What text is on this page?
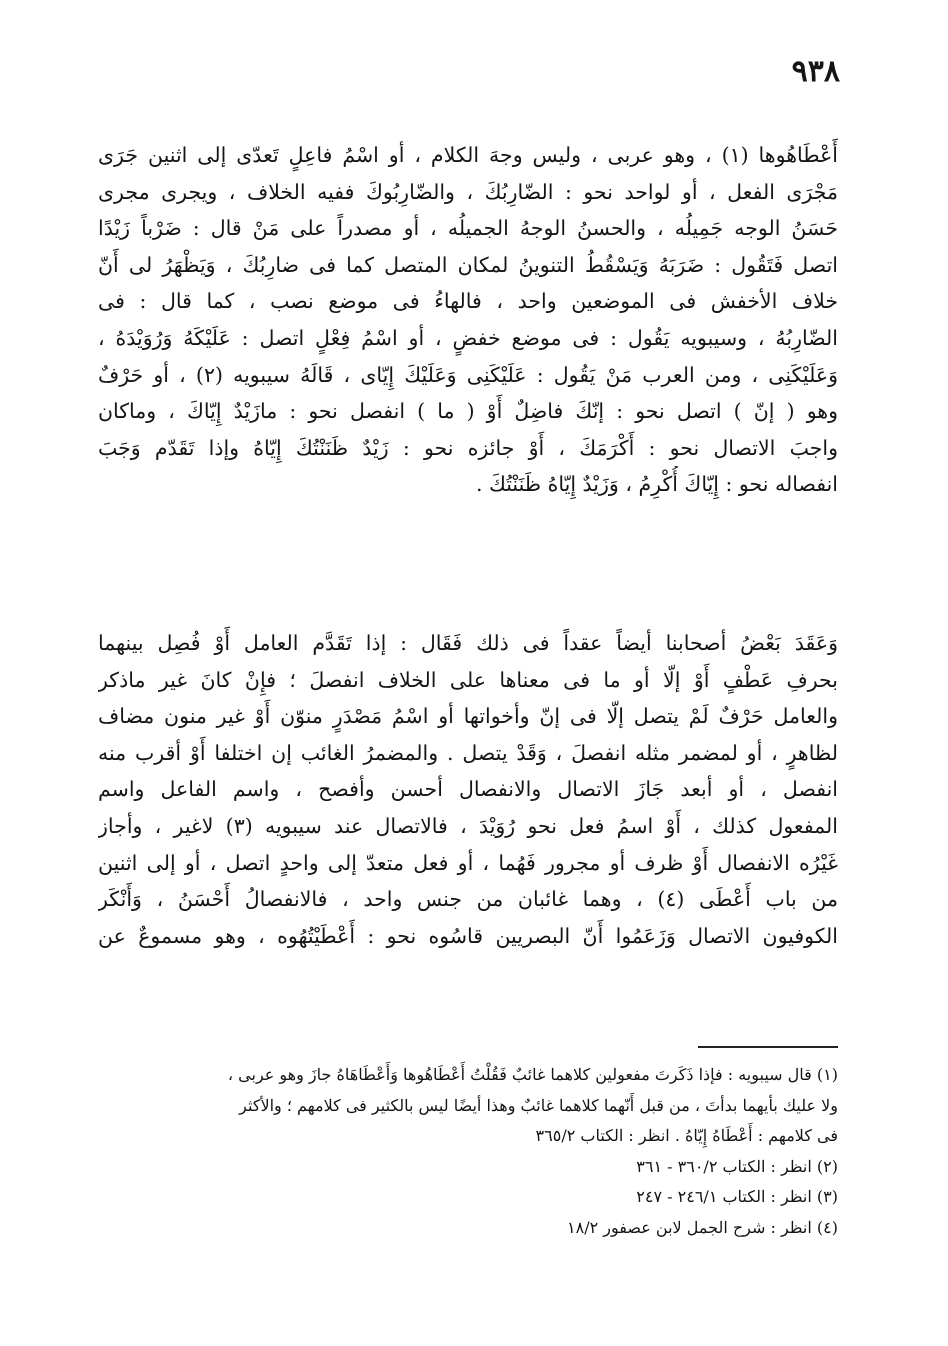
٩٣٨

أَعْطَاهُوها (١) ، وهو عربى ، وليس وجهَ الكلام ، أو اسْمُ فاعِلٍ تَعدّى إلى اثنين جَرَى
مَجْرَى الفعل ، أو لواحد نحو : الضّارِبُكَ ، والضّارِبُوكَ ففيه الخلاف ، ويجرى مجرى
حَسَنُ الوجه جَمِيلُه ، والحسنُ الوجهُ الجميلُه ، أو مصدراً على مَنْ قال : ضَرْباً زَيْدًا
اتصل فَتَقُول : ضَرَبَهُ وَيَسْقُطُ التنوينُ لمكان المتصل كما فى ضارِبُكَ ، وَيَظْهَرُ لى أَنّ
خلاف الأخفش فى الموضعين واحد ، فالهاءُ فى موضع نصب ، كما قال : فى
الضّارِبُهُ ، وسيبويه يَقُول : فى موضع خفضٍ ، أو اسْمُ فِعْلٍ اتصل : عَلَيْكَهُ وَرُوَيْدَهُ ،
وَعَلَيْكَنِى ، ومن العرب مَنْ يَقُول : عَلَيْكَنِى وَعَلَيْكَ إِيّاى ، قَالَهُ سيبويه (٢) ، أو حَرْفٌ
وهو ( إنّ ) اتصل نحو : إنّكَ فاضِلٌ أَوْ ( ما ) انفصل نحو : مازَيْدٌ إِيّاكَ ، وماكان
واجبَ الاتصال نحو : أَكْرَمَكَ ، أَوْ جائزه نحو : زَيْدٌ ظَنَنْتُكَ إِيّاهُ وإذا تَقَدّم وَجَبَ
انفصاله نحو : إِيّاكَ أُكْرِمُ ، وَزَيْدٌ إِيّاهُ ظَنَنْتُكَ .

وَعَقَدَ بَعْضُ أصحابنا أيضاً عقداً فى ذلك فَقَال : إذا تَقَدَّم العامل أَوْ فُصِل بينهما
بحرفِ عَطْفٍ أَوْ إلّا أو ما فى معناها على الخلاف انفصلَ ؛ فإِنْ كانَ غير ماذكر
والعامل حَرْفٌ لَمْ يتصل إلّا فى إنّ وأخواتها أو اسْمُ مَصْدَرٍ منوّن أَوْ غير منون مضاف
لظاهرٍ ، أو لمضمر مثله انفصلَ ، وَقَدْ يتصل . والمضمرُ الغائب إن اختلفا أَوْ أقرب منه
انفصل ، أو أبعد جَازَ الاتصال والانفصال أحسن وأفصح ، واسم الفاعل واسم
المفعول كذلك ، أَوْ اسمُ فعل نحو رُوَيْدَ ، فالاتصال عند سيبويه (٣) لاغير ، وأجاز
غَيْرُه الانفصال أَوْ ظرف أو مجرور فَهُما ، أو فعل متعدّ إلى واحدٍ اتصل ، أو إلى اثنين
من باب أَعْطَى (٤) ، وهما غائبان من جنس واحد ، فالانفصالُ أَحْسَنُ ، وَأَنْكَر
الكوفيون الاتصال وَزَعَمُوا أَنّ البصريين قاسُوه نحو : أَعْطَيْتُهُوه ، وهو مسموعٌ عن

(١) قال سيبويه : فإذا ذَكَرتَ مفعولين كلاهما غائبٌ فَقُلْتُ أَعْطَاهُوها وَأَعْطَاهَاهُ جازَ وهو عربى ،
ولا عليك بأيهما بدأتَ ، من قبل أَنّهما كلاهما غائبٌ وهذا أيضًا ليس بالكثير فى كلامهم ؛ والأكثر
فى كلامهم : أَعْطَاهُ إِيّاهُ . انظر : الكتاب ٣٦٥/٢
(٢) انظر : الكتاب ٣٦٠/٢ - ٣٦١
(٣) انظر : الكتاب ٢٤٦/١ - ٢٤٧
(٤) انظر : شرح الجمل لابن عصفور ١٨/٢
